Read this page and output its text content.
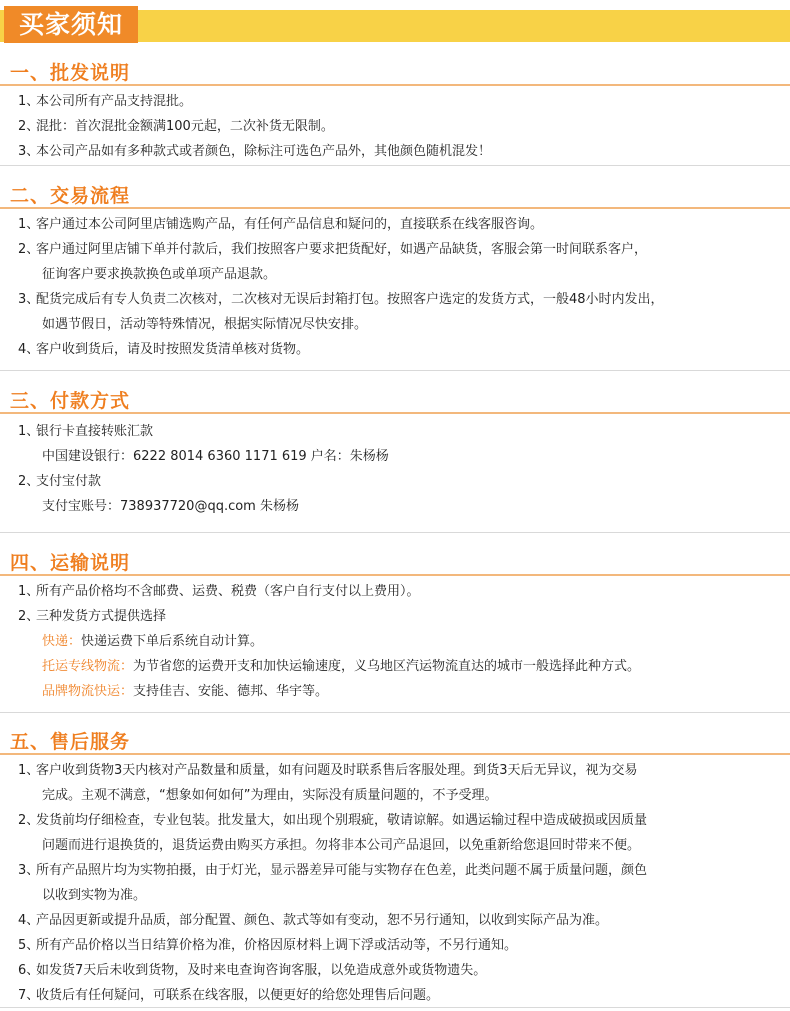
买家须知
一、批发说明
1、本公司所有产品支持混批。
2、混批：首次混批金额满100元起，二次补货无限制。
3、本公司产品如有多种款式或者颜色，除标注可选色产品外，其他颜色随机混发！
二、交易流程
1、客户通过本公司阿里店铺选购产品，有任何产品信息和疑问的，直接联系在线客服咨询。
2、客户通过阿里店铺下单并付款后，我们按照客户要求把货配好，如遇产品缺货，客服会第一时间联系客户，
征询客户要求换款换色或单项产品退款。
3、配货完成后有专人负责二次核对，二次核对无误后封箱打包。按照客户选定的发货方式，一般48小时内发出，
如遇节假日，活动等特殊情况，根据实际情况尽快安排。
4、客户收到货后，请及时按照发货清单核对货物。
三、付款方式
1、银行卡直接转账汇款
中国建设银行：6222 8014 6360 1171 619 户名：朱杨杨
2、支付宝付款
支付宝账号：738937720@qq.com 朱杨杨
四、运输说明
1、所有产品价格均不含邮费、运费、税费（客户自行支付以上费用）。
2、三种发货方式提供选择
快递：快递运费下单后系统自动计算。
托运专线物流：为节省您的运费开支和加快运输速度，义乌地区汽运物流直达的城市一般选择此种方式。
品牌物流快运：支持佳吉、安能、德邦、华宇等。
五、售后服务
1、客户收到货物3天内核对产品数量和质量，如有问题及时联系售后客服处理。到货3天后无异议，视为交易
完成。主观不满意，“想象如何如何”为理由，实际没有质量问题的，不予受理。
2、发货前均仔细检查，专业包装。批发量大，如出现个别瑕疵，敬请谅解。如遇运输过程中造成破损或因质量
问题而进行退换货的，退货运费由购买方承担。勿将非本公司产品退回，以免重新给您退回时带来不便。
3、所有产品照片均为实物拍摄，由于灯光，显示器差异可能与实物存在色差，此类问题不属于质量问题，颜色
以收到实物为准。
4、产品因更新或提升品质，部分配置、颜色、款式等如有变动，恕不另行通知，以收到实际产品为准。
5、所有产品价格以当日结算价格为准，价格因原材料上调下浮或活动等，不另行通知。
6、如发货7天后未收到货物，及时来电查询咨询客服，以免造成意外或货物遗失。
7、收货后有任何疑问，可联系在线客服，以便更好的给您处理售后问题。
